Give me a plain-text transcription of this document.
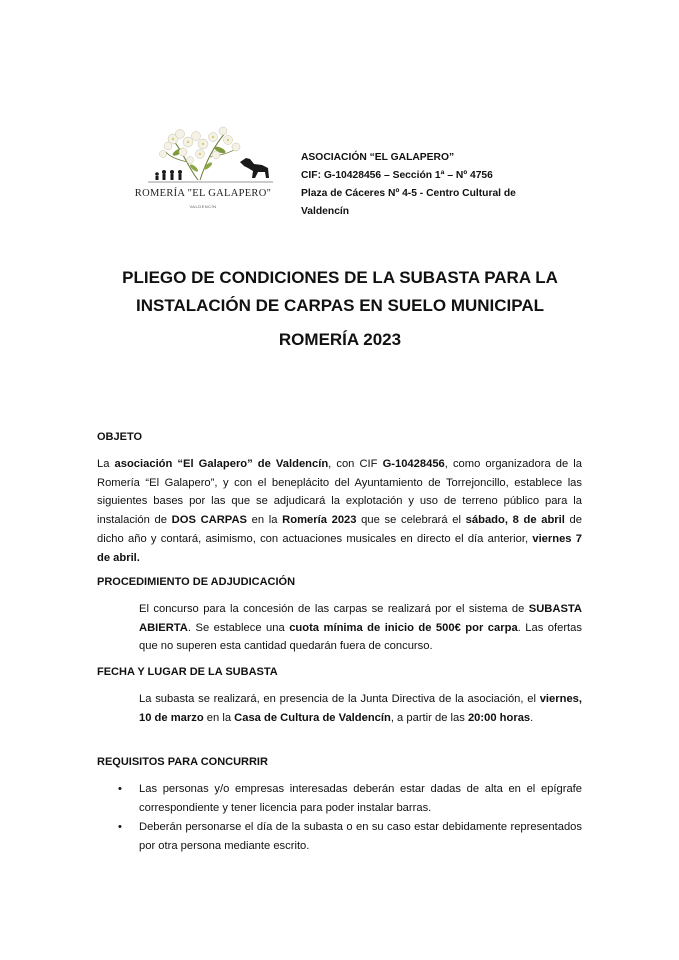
ROMERÍA "EL GALAPERO"
VALDENCÍN
ASOCIACIÓN “EL GALAPERO”
CIF: G-10428456 – Sección 1ª – Nº 4756
Plaza de Cáceres Nº 4-5 - Centro Cultural de
Valdencín
PLIEGO DE CONDICIONES DE LA SUBASTA PARA LA
INSTALACIÓN DE CARPAS EN SUELO MUNICIPAL
ROMERÍA 2023
OBJETO
La asociación “El Galapero” de Valdencín, con CIF G-10428456, como organizadora de la Romería “El Galapero”, y con el beneplácito del Ayuntamiento de Torrejoncillo, establece las siguientes bases por las que se adjudicará la explotación y uso de terreno público para la instalación de DOS CARPAS en la Romería 2023 que se celebrará el sábado, 8 de abril de dicho año y contará, asimismo, con actuaciones musicales en directo el día anterior, viernes 7 de abril.
PROCEDIMIENTO DE ADJUDICACIÓN
El concurso para la concesión de las carpas se realizará por el sistema de SUBASTA ABIERTA. Se establece una cuota mínima de inicio de 500€ por carpa. Las ofertas que no superen esta cantidad quedarán fuera de concurso.
FECHA Y LUGAR DE LA SUBASTA
La subasta se realizará, en presencia de la Junta Directiva de la asociación, el viernes, 10 de marzo en la Casa de Cultura de Valdencín, a partir de las 20:00 horas.
REQUISITOS PARA CONCURRIR
• Las personas y/o empresas interesadas deberán estar dadas de alta en el epígrafe correspondiente y tener licencia para poder instalar barras.
• Deberán personarse el día de la subasta o en su caso estar debidamente representados por otra persona mediante escrito.
